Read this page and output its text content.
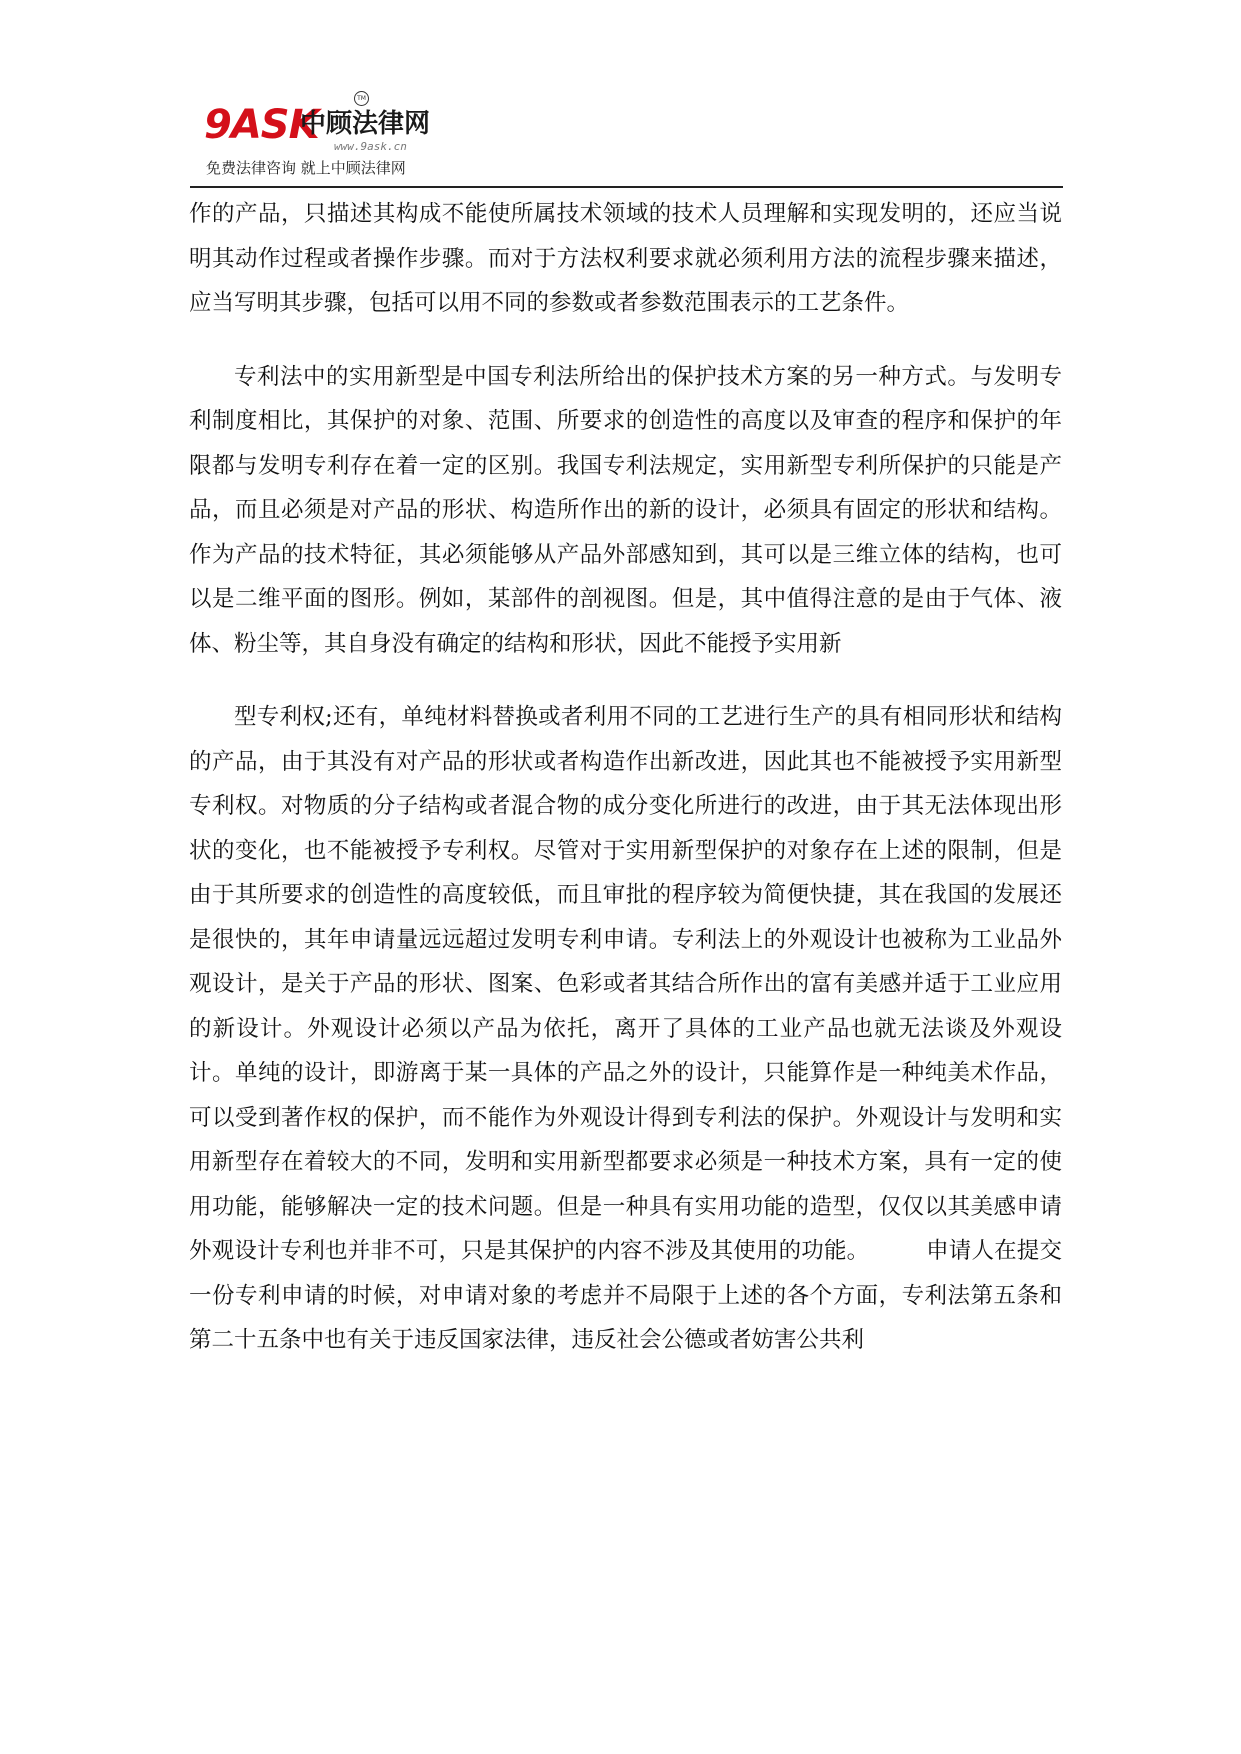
9ASK
中顾法律网
TM
www.9ask.cn
免费法律咨询 就上中顾法律网

作的产品，只描述其构成不能使所属技术领域的技术人员理解和实现发明的，还应当说明其动作过程或者操作步骤。而对于方法权利要求就必须利用方法的流程步骤来描述，应当写明其步骤，包括可以用不同的参数或者参数范围表示的工艺条件。

专利法中的实用新型是中国专利法所给出的保护技术方案的另一种方式。与发明专利制度相比，其保护的对象、范围、所要求的创造性的高度以及审查的程序和保护的年限都与发明专利存在着一定的区别。我国专利法规定，实用新型专利所保护的只能是产品，而且必须是对产品的形状、构造所作出的新的设计，必须具有固定的形状和结构。作为产品的技术特征，其必须能够从产品外部感知到，其可以是三维立体的结构，也可以是二维平面的图形。例如，某部件的剖视图。但是，其中值得注意的是由于气体、液体、粉尘等，其自身没有确定的结构和形状，因此不能授予实用新

型专利权;还有，单纯材料替换或者利用不同的工艺进行生产的具有相同形状和结构的产品，由于其没有对产品的形状或者构造作出新改进，因此其也不能被授予实用新型专利权。对物质的分子结构或者混合物的成分变化所进行的改进，由于其无法体现出形状的变化，也不能被授予专利权。尽管对于实用新型保护的对象存在上述的限制，但是由于其所要求的创造性的高度较低，而且审批的程序较为简便快捷，其在我国的发展还是很快的，其年申请量远远超过发明专利申请。专利法上的外观设计也被称为工业品外观设计，是关于产品的形状、图案、色彩或者其结合所作出的富有美感并适于工业应用的新设计。外观设计必须以产品为依托，离开了具体的工业产品也就无法谈及外观设计。单纯的设计，即游离于某一具体的产品之外的设计，只能算作是一种纯美术作品，可以受到著作权的保护，而不能作为外观设计得到专利法的保护。外观设计与发明和实用新型存在着较大的不同，发明和实用新型都要求必须是一种技术方案，具有一定的使用功能，能够解决一定的技术问题。但是一种具有实用功能的造型，仅仅以其美感申请外观设计专利也并非不可，只是其保护的内容不涉及其使用的功能。　　　申请人在提交一份专利申请的时候，对申请对象的考虑并不局限于上述的各个方面，专利法第五条和第二十五条中也有关于违反国家法律，违反社会公德或者妨害公共利
